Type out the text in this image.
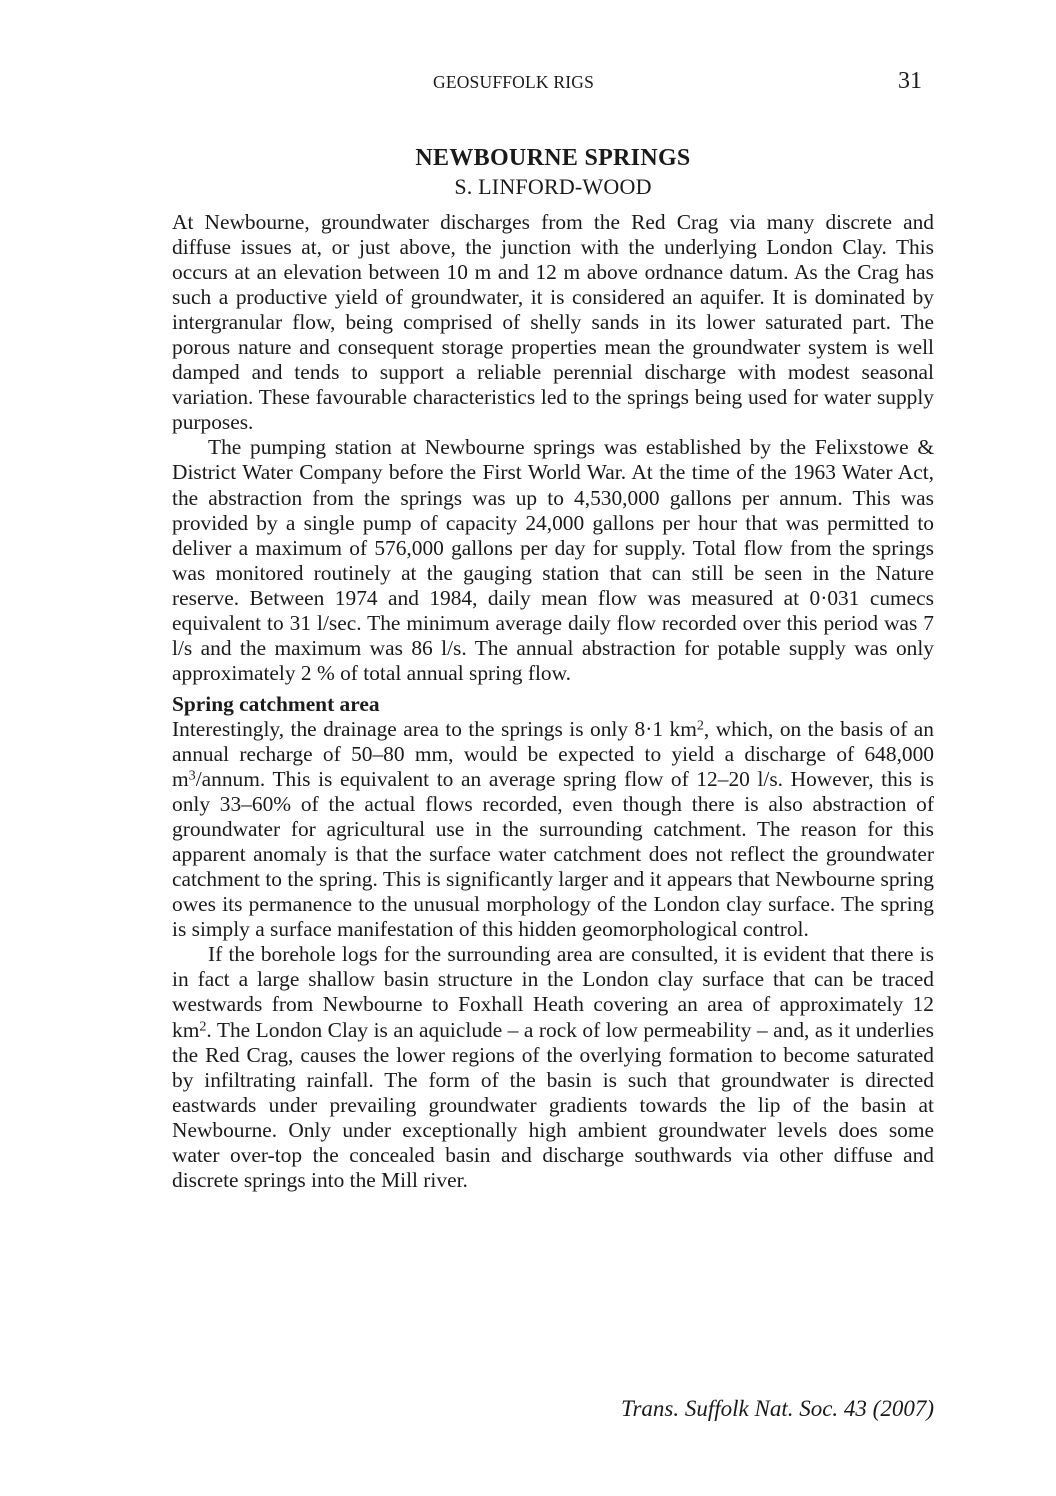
GEOSUFFOLK RIGS	31
NEWBOURNE SPRINGS
S. LINFORD-WOOD

At Newbourne, groundwater discharges from the Red Crag via many discrete and diffuse issues at, or just above, the junction with the underlying London Clay. This occurs at an elevation between 10 m and 12 m above ordnance datum. As the Crag has such a productive yield of groundwater, it is considered an aquifer. It is dominated by intergranular flow, being comprised of shelly sands in its lower saturated part. The porous nature and consequent storage properties mean the groundwater system is well damped and tends to support a reliable perennial discharge with modest seasonal variation. These favourable characteristics led to the springs being used for water supply purposes.

The pumping station at Newbourne springs was established by the Felixstowe & District Water Company before the First World War. At the time of the 1963 Water Act, the abstraction from the springs was up to 4,530,000 gallons per annum. This was provided by a single pump of capacity 24,000 gallons per hour that was permitted to deliver a maximum of 576,000 gallons per day for supply. Total flow from the springs was monitored routinely at the gauging station that can still be seen in the Nature reserve. Between 1974 and 1984, daily mean flow was measured at 0·031 cumecs equivalent to 31 l/sec. The minimum average daily flow recorded over this period was 7 l/s and the maximum was 86 l/s. The annual abstraction for potable supply was only approximately 2 % of total annual spring flow.

Spring catchment area

Interestingly, the drainage area to the springs is only 8·1 $km^2$, which, on the basis of an annual recharge of 50–80 mm, would be expected to yield a discharge of 648,000 $m^3$/annum. This is equivalent to an average spring flow of 12–20 l/s. However, this is only 33–60% of the actual flows recorded, even though there is also abstraction of groundwater for agricultural use in the surrounding catchment. The reason for this apparent anomaly is that the surface water catchment does not reflect the groundwater catchment to the spring. This is significantly larger and it appears that Newbourne spring owes its permanence to the unusual morphology of the London clay surface. The spring is simply a surface manifestation of this hidden geomorphological control.

If the borehole logs for the surrounding area are consulted, it is evident that there is in fact a large shallow basin structure in the London clay surface that can be traced westwards from Newbourne to Foxhall Heath covering an area of approximately 12 $km^2$. The London Clay is an aquiclude – a rock of low permeability – and, as it underlies the Red Crag, causes the lower regions of the overlying formation to become saturated by infiltrating rainfall. The form of the basin is such that groundwater is directed eastwards under prevailing groundwater gradients towards the lip of the basin at Newbourne. Only under exceptionally high ambient groundwater levels does some water over-top the concealed basin and discharge southwards via other diffuse and discrete springs into the Mill river.

Trans. Suffolk Nat. Soc. 43 (2007)
